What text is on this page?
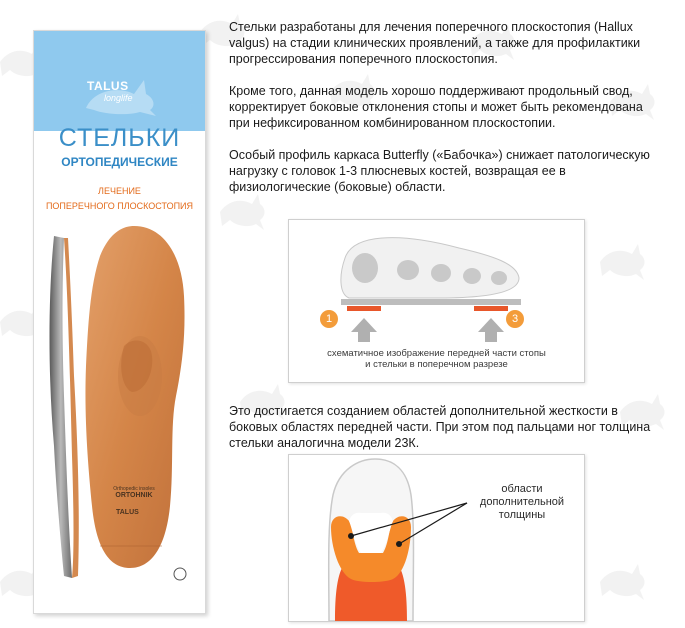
TALUS
longlife
СТЕЛЬКИ
ОРТОПЕДИЧЕСКИЕ
ЛЕЧЕНИЕ
ПОПЕРЕЧНОГО ПЛОСКОСТОПИЯ
Orthopedic insoles
ORTOHNIK
TALUS

Стельки разработаны для лечения поперечного плоскостопия (Hallux valgus) на стадии клинических проявлений, а также для профилактики прогрессирования поперечного плоскостопия.

Кроме того, данная модель хорошо поддерживают продольный свод, корректирует боковые отклонения стопы и может быть рекомендована при нефиксированном комбинированном плоскостопии.

Особый профиль каркаса Butterfly («Бабочка») снижает патологическую нагрузку с головок 1-3 плюсневых костей, возвращая ее в физиологические (боковые) области.

1	3
схематичное изображение передней части стопы
и стельки в поперечном разрезе

Это достигается созданием областей дополнительной жесткости в боковых областях передней части. При этом под пальцами ног толщина стельки аналогична модели 23К.

области
дополнительной
толщины
